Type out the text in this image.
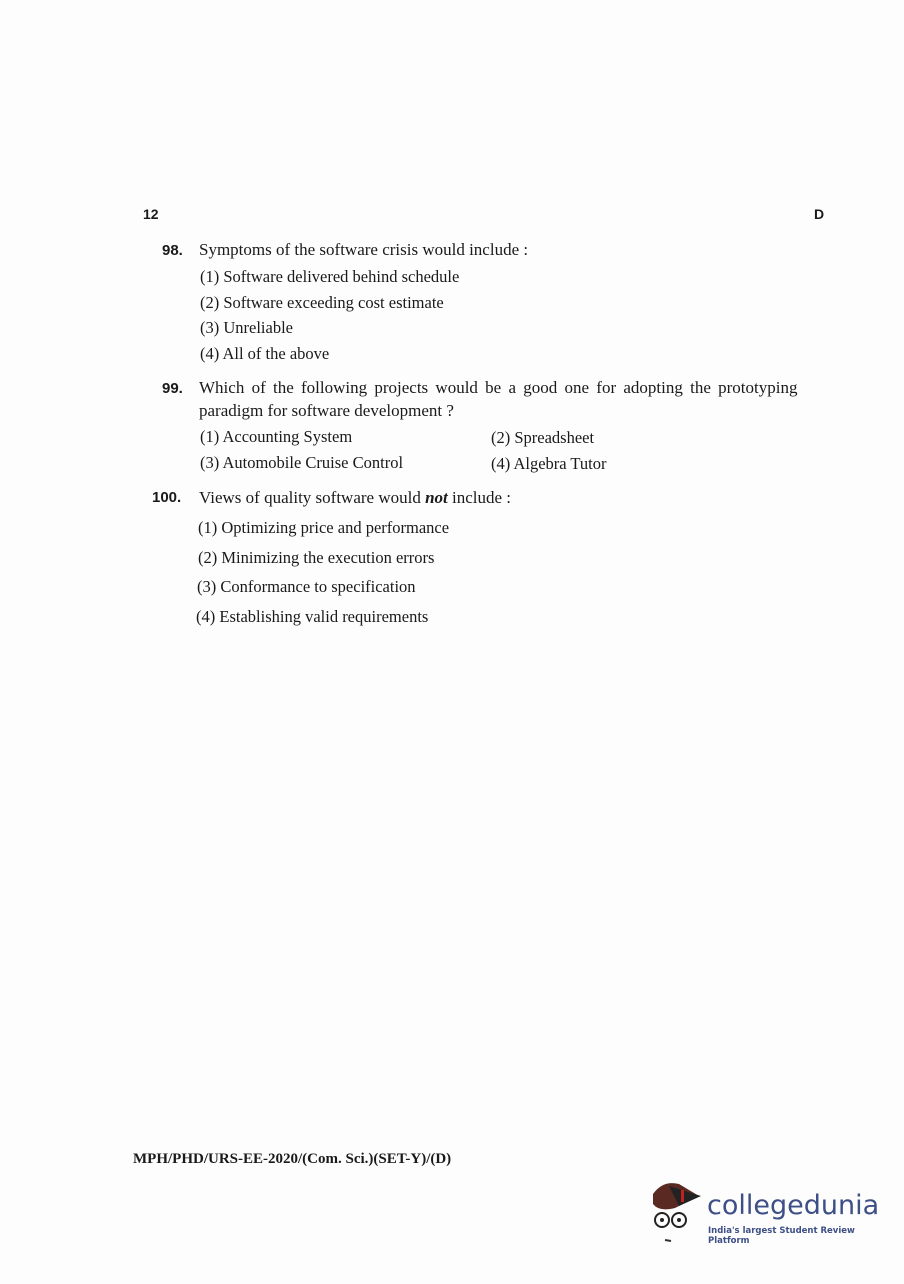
12	D
98. Symptoms of the software crisis would include :
(1) Software delivered behind schedule
(2) Software exceeding cost estimate
(3) Unreliable
(4) All of the above
99. Which of the following projects would be a good one for adopting the prototyping
paradigm for software development ?
(1) Accounting System	(2) Spreadsheet
(3) Automobile Cruise Control	(4) Algebra Tutor
100. Views of quality software would not include :
(1) Optimizing price and performance
(2) Minimizing the execution errors
(3) Conformance to specification
(4) Establishing valid requirements
MPH/PHD/URS-EE-2020/(Com. Sci.)(SET-Y)/(D)
collegedunia
India's largest Student Review Platform
